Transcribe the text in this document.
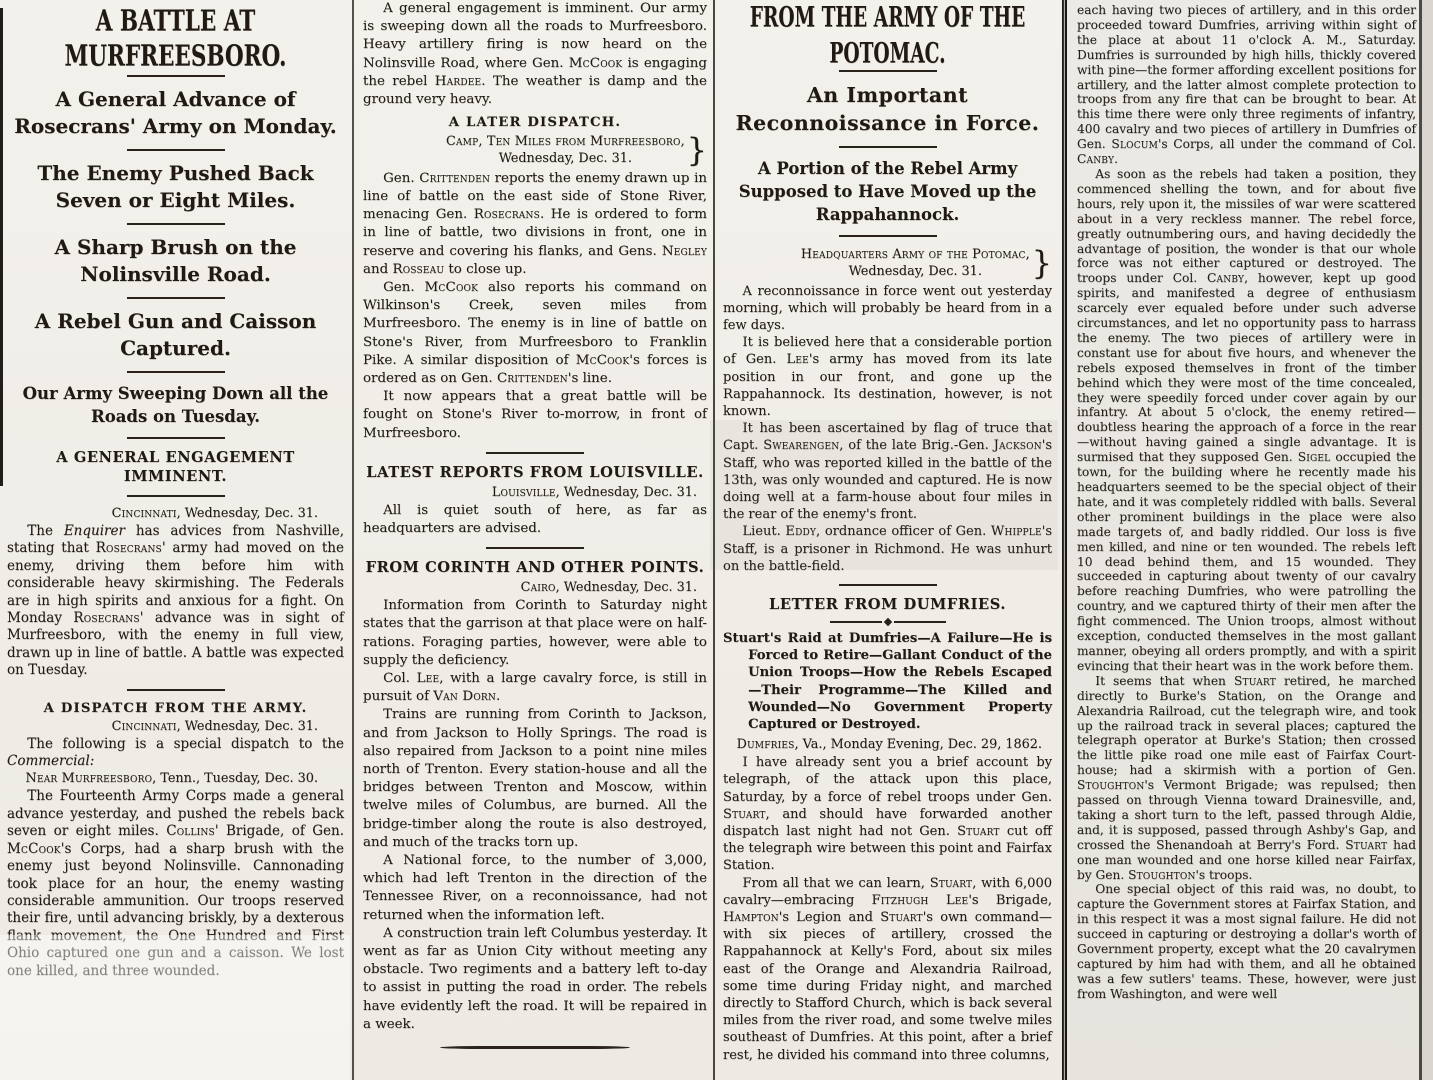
A BATTLE AT MURFREESBORO.
A General Advance of Rosecrans' Army on Monday.
The Enemy Pushed Back Seven or Eight Miles.
A Sharp Brush on the Nolinsville Road.
A Rebel Gun and Caisson Captured.
Our Army Sweeping Down all the Roads on Tuesday.
A GENERAL ENGAGEMENT IMMINENT.
Cincinnati, Wednesday, Dec. 31.
The Enquirer has advices from Nashville, stating that Rosecrans' army had moved on the enemy, driving them before him with considerable heavy skirmishing. The Federals are in high spirits and anxious for a fight. On Monday Rosecrans' advance was in sight of Murfreesboro, with the enemy in full view, drawn up in line of battle. A battle was expected on Tuesday.
A DISPATCH FROM THE ARMY.
Cincinnati, Wednesday, Dec. 31.
The following is a special dispatch to the Commercial:
Near Murfreesboro, Tenn., Tuesday, Dec. 30.
The Fourteenth Army Corps made a general advance yesterday, and pushed the rebels back seven or eight miles. Collins' Brigade, of Gen. McCook's Corps, had a sharp brush with the enemy just beyond Nolinsville. Cannonading took place for an hour, the enemy wasting considerable ammunition. Our troops reserved their fire, until advancing briskly, by a dexterous flank movement, the One Hundred and First Ohio captured one gun and a caisson. We lost one killed, and three wounded.
A general engagement is imminent. Our army is sweeping down all the roads to Murfreesboro. Heavy artillery firing is now heard on the Nolinsville Road, where Gen. McCook is engaging the rebel Hardee. The weather is damp and the ground very heavy.
A LATER DISPATCH.
Camp, Ten Miles from Murfreesboro,
Wednesday, Dec. 31.	}
Gen. Crittenden reports the enemy drawn up in line of battle on the east side of Stone River, menacing Gen. Rosecrans. He is ordered to form in line of battle, two divisions in front, one in reserve and covering his flanks, and Gens. Negley and Rosseau to close up.
Gen. McCook also reports his command on Wilkinson's Creek, seven miles from Murfreesboro. The enemy is in line of battle on Stone's River, from Murfreesboro to Franklin Pike. A similar disposition of McCook's forces is ordered as on Gen. Crittenden's line.
It now appears that a great battle will be fought on Stone's River to-morrow, in front of Murfreesboro.
LATEST REPORTS FROM LOUISVILLE.
Louisville, Wednesday, Dec. 31.
All is quiet south of here, as far as headquarters are advised.
FROM CORINTH AND OTHER POINTS.
Cairo, Wednesday, Dec. 31.
Information from Corinth to Saturday night states that the garrison at that place were on half-rations. Foraging parties, however, were able to supply the deficiency.
Col. Lee, with a large cavalry force, is still in pursuit of Van Dorn.
Trains are running from Corinth to Jackson, and from Jackson to Holly Springs. The road is also repaired from Jackson to a point nine miles north of Trenton. Every station-house and all the bridges between Trenton and Moscow, within twelve miles of Columbus, are burned. All the bridge-timber along the route is also destroyed, and much of the tracks torn up.
A National force, to the number of 3,000, which had left Trenton in the direction of the Tennessee River, on a reconnoissance, had not returned when the information left.
A construction train left Columbus yesterday. It went as far as Union City without meeting any obstacle. Two regiments and a battery left to-day to assist in putting the road in order. The rebels have evidently left the road. It will be repaired in a week.
FROM THE ARMY OF THE POTOMAC.
An Important Reconnoissance in Force.
A Portion of the Rebel Army Supposed to Have Moved up the Rappahannock.
Headquarters Army of the Potomac,
Wednesday, Dec. 31.	}
A reconnoissance in force went out yesterday morning, which will probably be heard from in a few days.
It is believed here that a considerable portion of Gen. Lee's army has moved from its late position in our front, and gone up the Rappahannock. Its destination, however, is not known.
It has been ascertained by flag of truce that Capt. Swearengen, of the late Brig.-Gen. Jackson's Staff, who was reported killed in the battle of the 13th, was only wounded and captured. He is now doing well at a farm-house about four miles in the rear of the enemy's front.
Lieut. Eddy, ordnance officer of Gen. Whipple's Staff, is a prisoner in Richmond. He was unhurt on the battle-field.
LETTER FROM DUMFRIES.
Stuart's Raid at Dumfries—A Failure—He is Forced to Retire—Gallant Conduct of the Union Troops—How the Rebels Escaped—Their Programme—The Killed and Wounded—No Government Property Captured or Destroyed.
Dumfries, Va., Monday Evening, Dec. 29, 1862.
I have already sent you a brief account by telegraph, of the attack upon this place, Saturday, by a force of rebel troops under Gen. Stuart, and should have forwarded another dispatch last night had not Gen. Stuart cut off the telegraph wire between this point and Fairfax Station.
From all that we can learn, Stuart, with 6,000 cavalry—embracing Fitzhugh Lee's Brigade, Hampton's Legion and Stuart's own command—with six pieces of artillery, crossed the Rappahannock at Kelly's Ford, about six miles east of the Orange and Alexandria Railroad, some time during Friday night, and marched directly to Stafford Church, which is back several miles from the river road, and some twelve miles southeast of Dumfries. At this point, after a brief rest, he divided his command into three columns,
each having two pieces of artillery, and in this order proceeded toward Dumfries, arriving within sight of the place at about 11 o'clock A. M., Saturday. Dumfries is surrounded by high hills, thickly covered with pine—the former affording excellent positions for artillery, and the latter almost complete protection to troops from any fire that can be brought to bear. At this time there were only three regiments of infantry, 400 cavalry and two pieces of artillery in Dumfries of Gen. Slocum's Corps, all under the command of Col. Canby.
As soon as the rebels had taken a position, they commenced shelling the town, and for about five hours, rely upon it, the missiles of war were scattered about in a very reckless manner. The rebel force, greatly outnumbering ours, and having decidedly the advantage of position, the wonder is that our whole force was not either captured or destroyed. The troops under Col. Canby, however, kept up good spirits, and manifested a degree of enthusiasm scarcely ever equaled before under such adverse circumstances, and let no opportunity pass to harrass the enemy. The two pieces of artillery were in constant use for about five hours, and whenever the rebels exposed themselves in front of the timber behind which they were most of the time concealed, they were speedily forced under cover again by our infantry. At about 5 o'clock, the enemy retired—doubtless hearing the approach of a force in the rear—without having gained a single advantage. It is surmised that they supposed Gen. Sigel occupied the town, for the building where he recently made his headquarters seemed to be the special object of their hate, and it was completely riddled with balls. Several other prominent buildings in the place were also made targets of, and badly riddled. Our loss is five men killed, and nine or ten wounded. The rebels left 10 dead behind them, and 15 wounded. They succeeded in capturing about twenty of our cavalry before reaching Dumfries, who were patrolling the country, and we captured thirty of their men after the fight commenced. The Union troops, almost without exception, conducted themselves in the most gallant manner, obeying all orders promptly, and with a spirit evincing that their heart was in the work before them.
It seems that when Stuart retired, he marched directly to Burke's Station, on the Orange and Alexandria Railroad, cut the telegraph wire, and took up the railroad track in several places; captured the telegraph operator at Burke's Station; then crossed the little pike road one mile east of Fairfax Court-house; had a skirmish with a portion of Gen. Stoughton's Vermont Brigade; was repulsed; then passed on through Vienna toward Drainesville, and, taking a short turn to the left, passed through Aldie, and, it is supposed, passed through Ashby's Gap, and crossed the Shenandoah at Berry's Ford. Stuart had one man wounded and one horse killed near Fairfax, by Gen. Stoughton's troops.
One special object of this raid was, no doubt, to capture the Government stores at Fairfax Station, and in this respect it was a most signal failure. He did not succeed in capturing or destroying a dollar's worth of Government property, except what the 20 cavalrymen captured by him had with them, and all he obtained was a few sutlers' teams. These, however, were just from Washington, and were well
